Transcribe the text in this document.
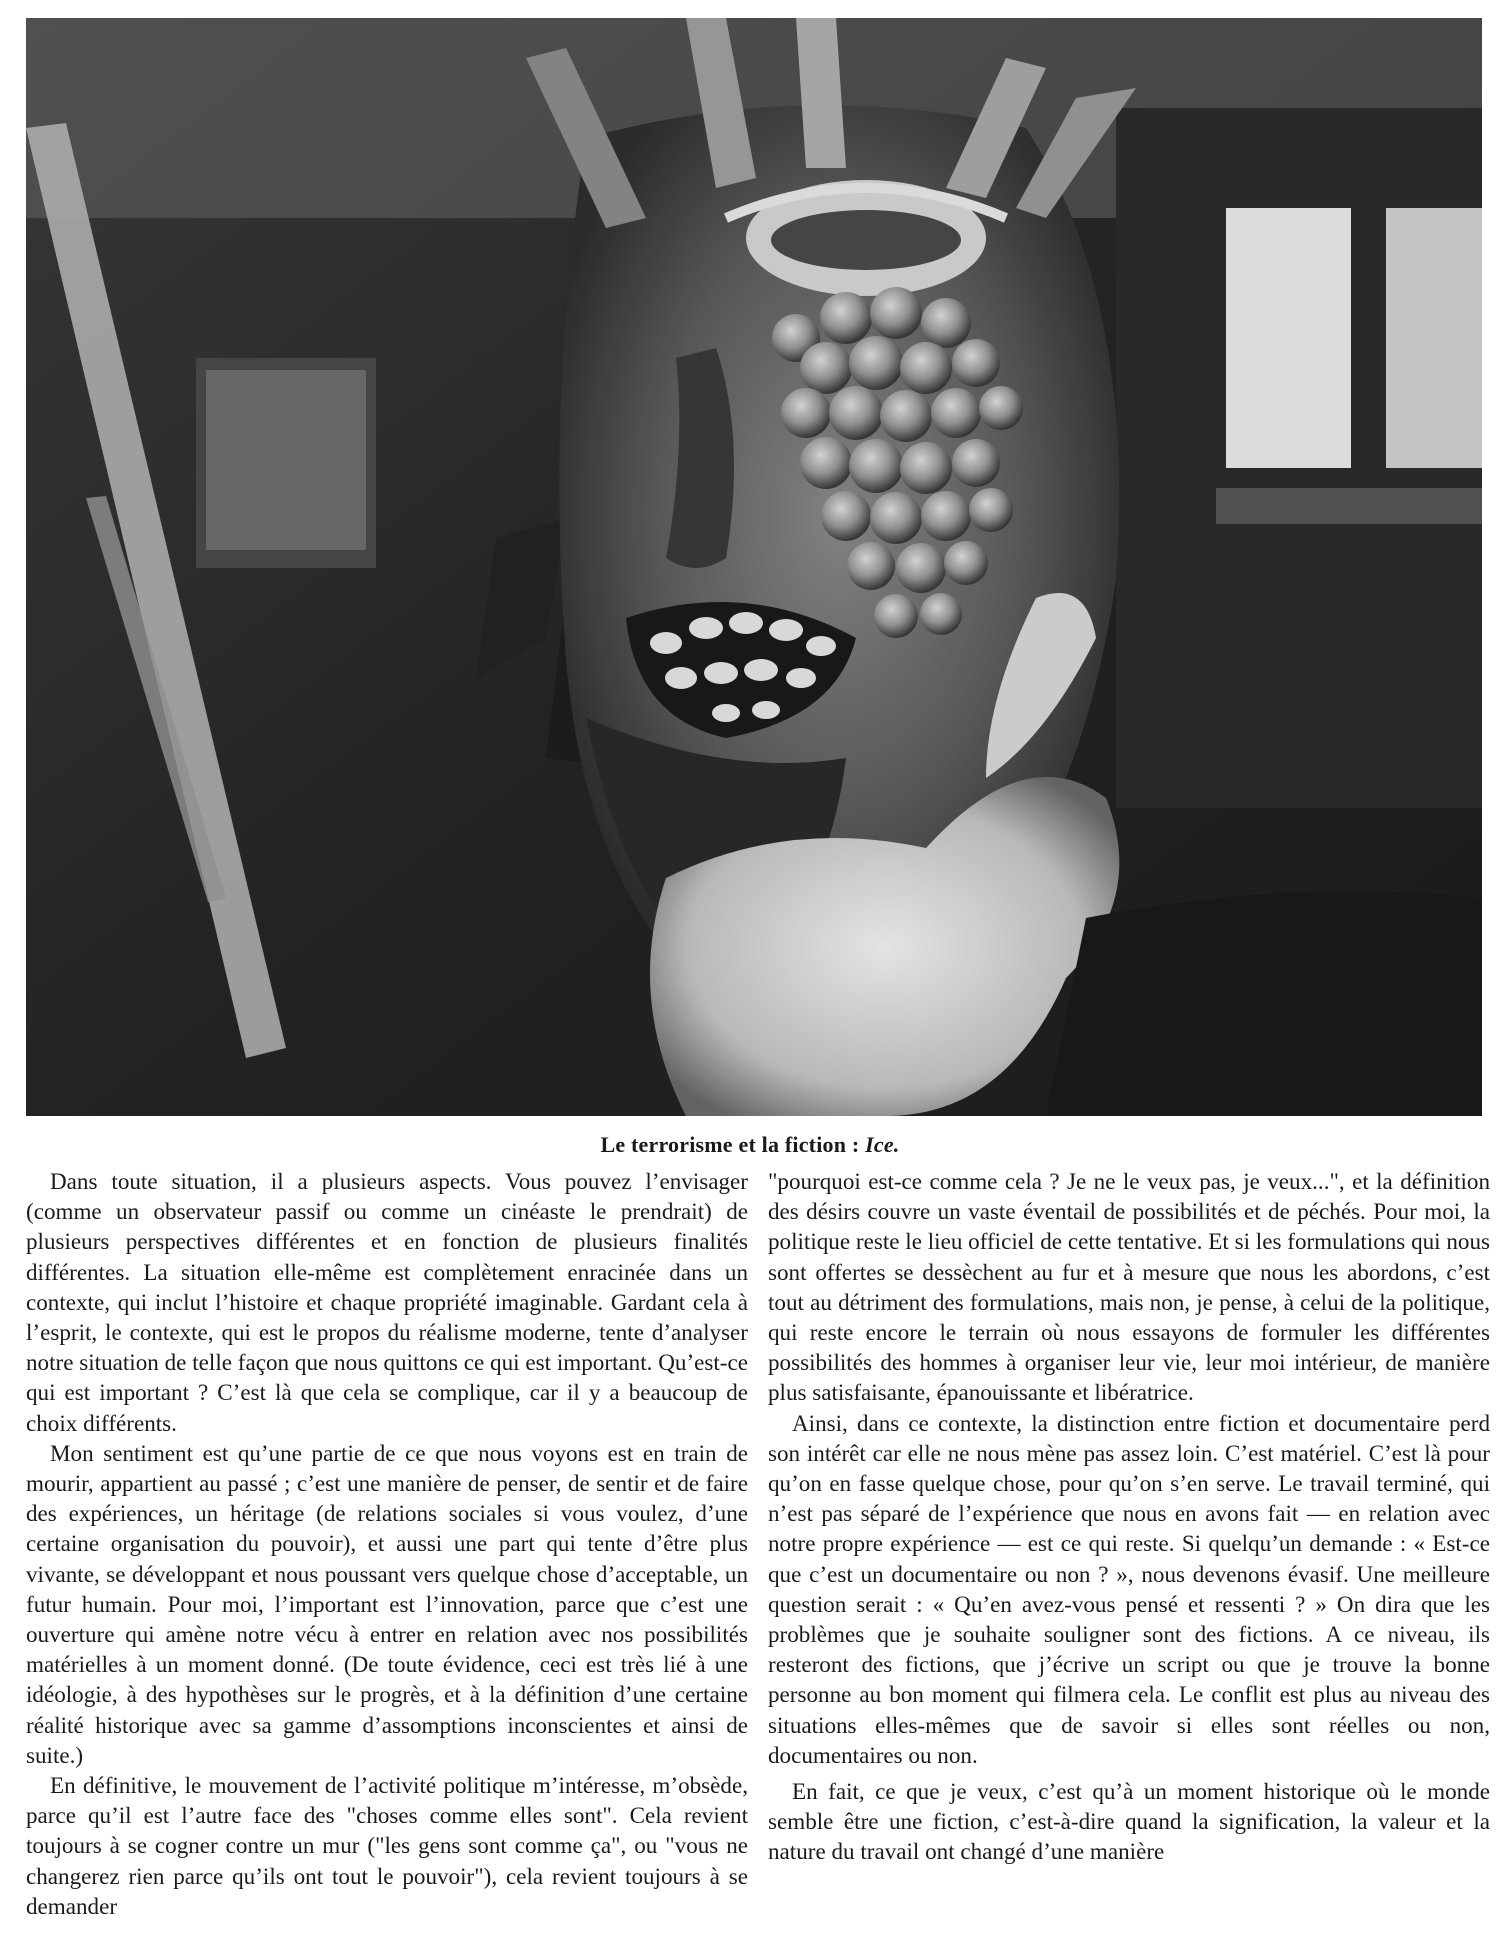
Le terrorisme et la fiction : Ice.

Dans toute situation, il a plusieurs aspects. Vous pouvez l’envisager (comme un observateur passif ou comme un cinéaste le prendrait) de plusieurs perspectives différentes et en fonction de plusieurs finalités différentes. La situation elle-même est complètement enracinée dans un contexte, qui inclut l’histoire et chaque propriété imaginable. Gardant cela à l’esprit, le contexte, qui est le propos du réalisme moderne, tente d’analyser notre situation de telle façon que nous quittons ce qui est important. Qu’est-ce qui est important ? C’est là que cela se complique, car il y a beaucoup de choix différents.

Mon sentiment est qu’une partie de ce que nous voyons est en train de mourir, appartient au passé ; c’est une manière de penser, de sentir et de faire des expériences, un héritage (de relations sociales si vous voulez, d’une certaine organisation du pouvoir), et aussi une part qui tente d’être plus vivante, se développant et nous poussant vers quelque chose d’acceptable, un futur humain. Pour moi, l’important est l’innovation, parce que c’est une ouverture qui amène notre vécu à entrer en relation avec nos possibilités matérielles à un moment donné. (De toute évidence, ceci est très lié à une idéologie, à des hypothèses sur le progrès, et à la définition d’une certaine réalité historique avec sa gamme d’assomptions inconscientes et ainsi de suite.)

En définitive, le mouvement de l’activité politique m’intéresse, m’obsède, parce qu’il est l’autre face des "choses comme elles sont". Cela revient toujours à se cogner contre un mur ("les gens sont comme ça", ou "vous ne changerez rien parce qu’ils ont tout le pouvoir"), cela revient toujours à se demander

"pourquoi est-ce comme cela ? Je ne le veux pas, je veux...", et la définition des désirs couvre un vaste éventail de possibilités et de péchés. Pour moi, la politique reste le lieu officiel de cette tentative. Et si les formulations qui nous sont offertes se dessèchent au fur et à mesure que nous les abordons, c’est tout au détriment des formulations, mais non, je pense, à celui de la politique, qui reste encore le terrain où nous essayons de formuler les différentes possibilités des hommes à organiser leur vie, leur moi intérieur, de manière plus satisfaisante, épanouissante et libératrice.

Ainsi, dans ce contexte, la distinction entre fiction et documentaire perd son intérêt car elle ne nous mène pas assez loin. C’est matériel. C’est là pour qu’on en fasse quelque chose, pour qu’on s’en serve. Le travail terminé, qui n’est pas séparé de l’expérience que nous en avons fait — en relation avec notre propre expérience — est ce qui reste. Si quelqu’un demande : « Est-ce que c’est un documentaire ou non ? », nous devenons évasif. Une meilleure question serait : « Qu’en avez-vous pensé et ressenti ? » On dira que les problèmes que je souhaite souligner sont des fictions. A ce niveau, ils resteront des fictions, que j’écrive un script ou que je trouve la bonne personne au bon moment qui filmera cela. Le conflit est plus au niveau des situations elles-mêmes que de savoir si elles sont réelles ou non, documentaires ou non.

En fait, ce que je veux, c’est qu’à un moment historique où le monde semble être une fiction, c’est-à-dire quand la signification, la valeur et la nature du travail ont changé d’une manière
